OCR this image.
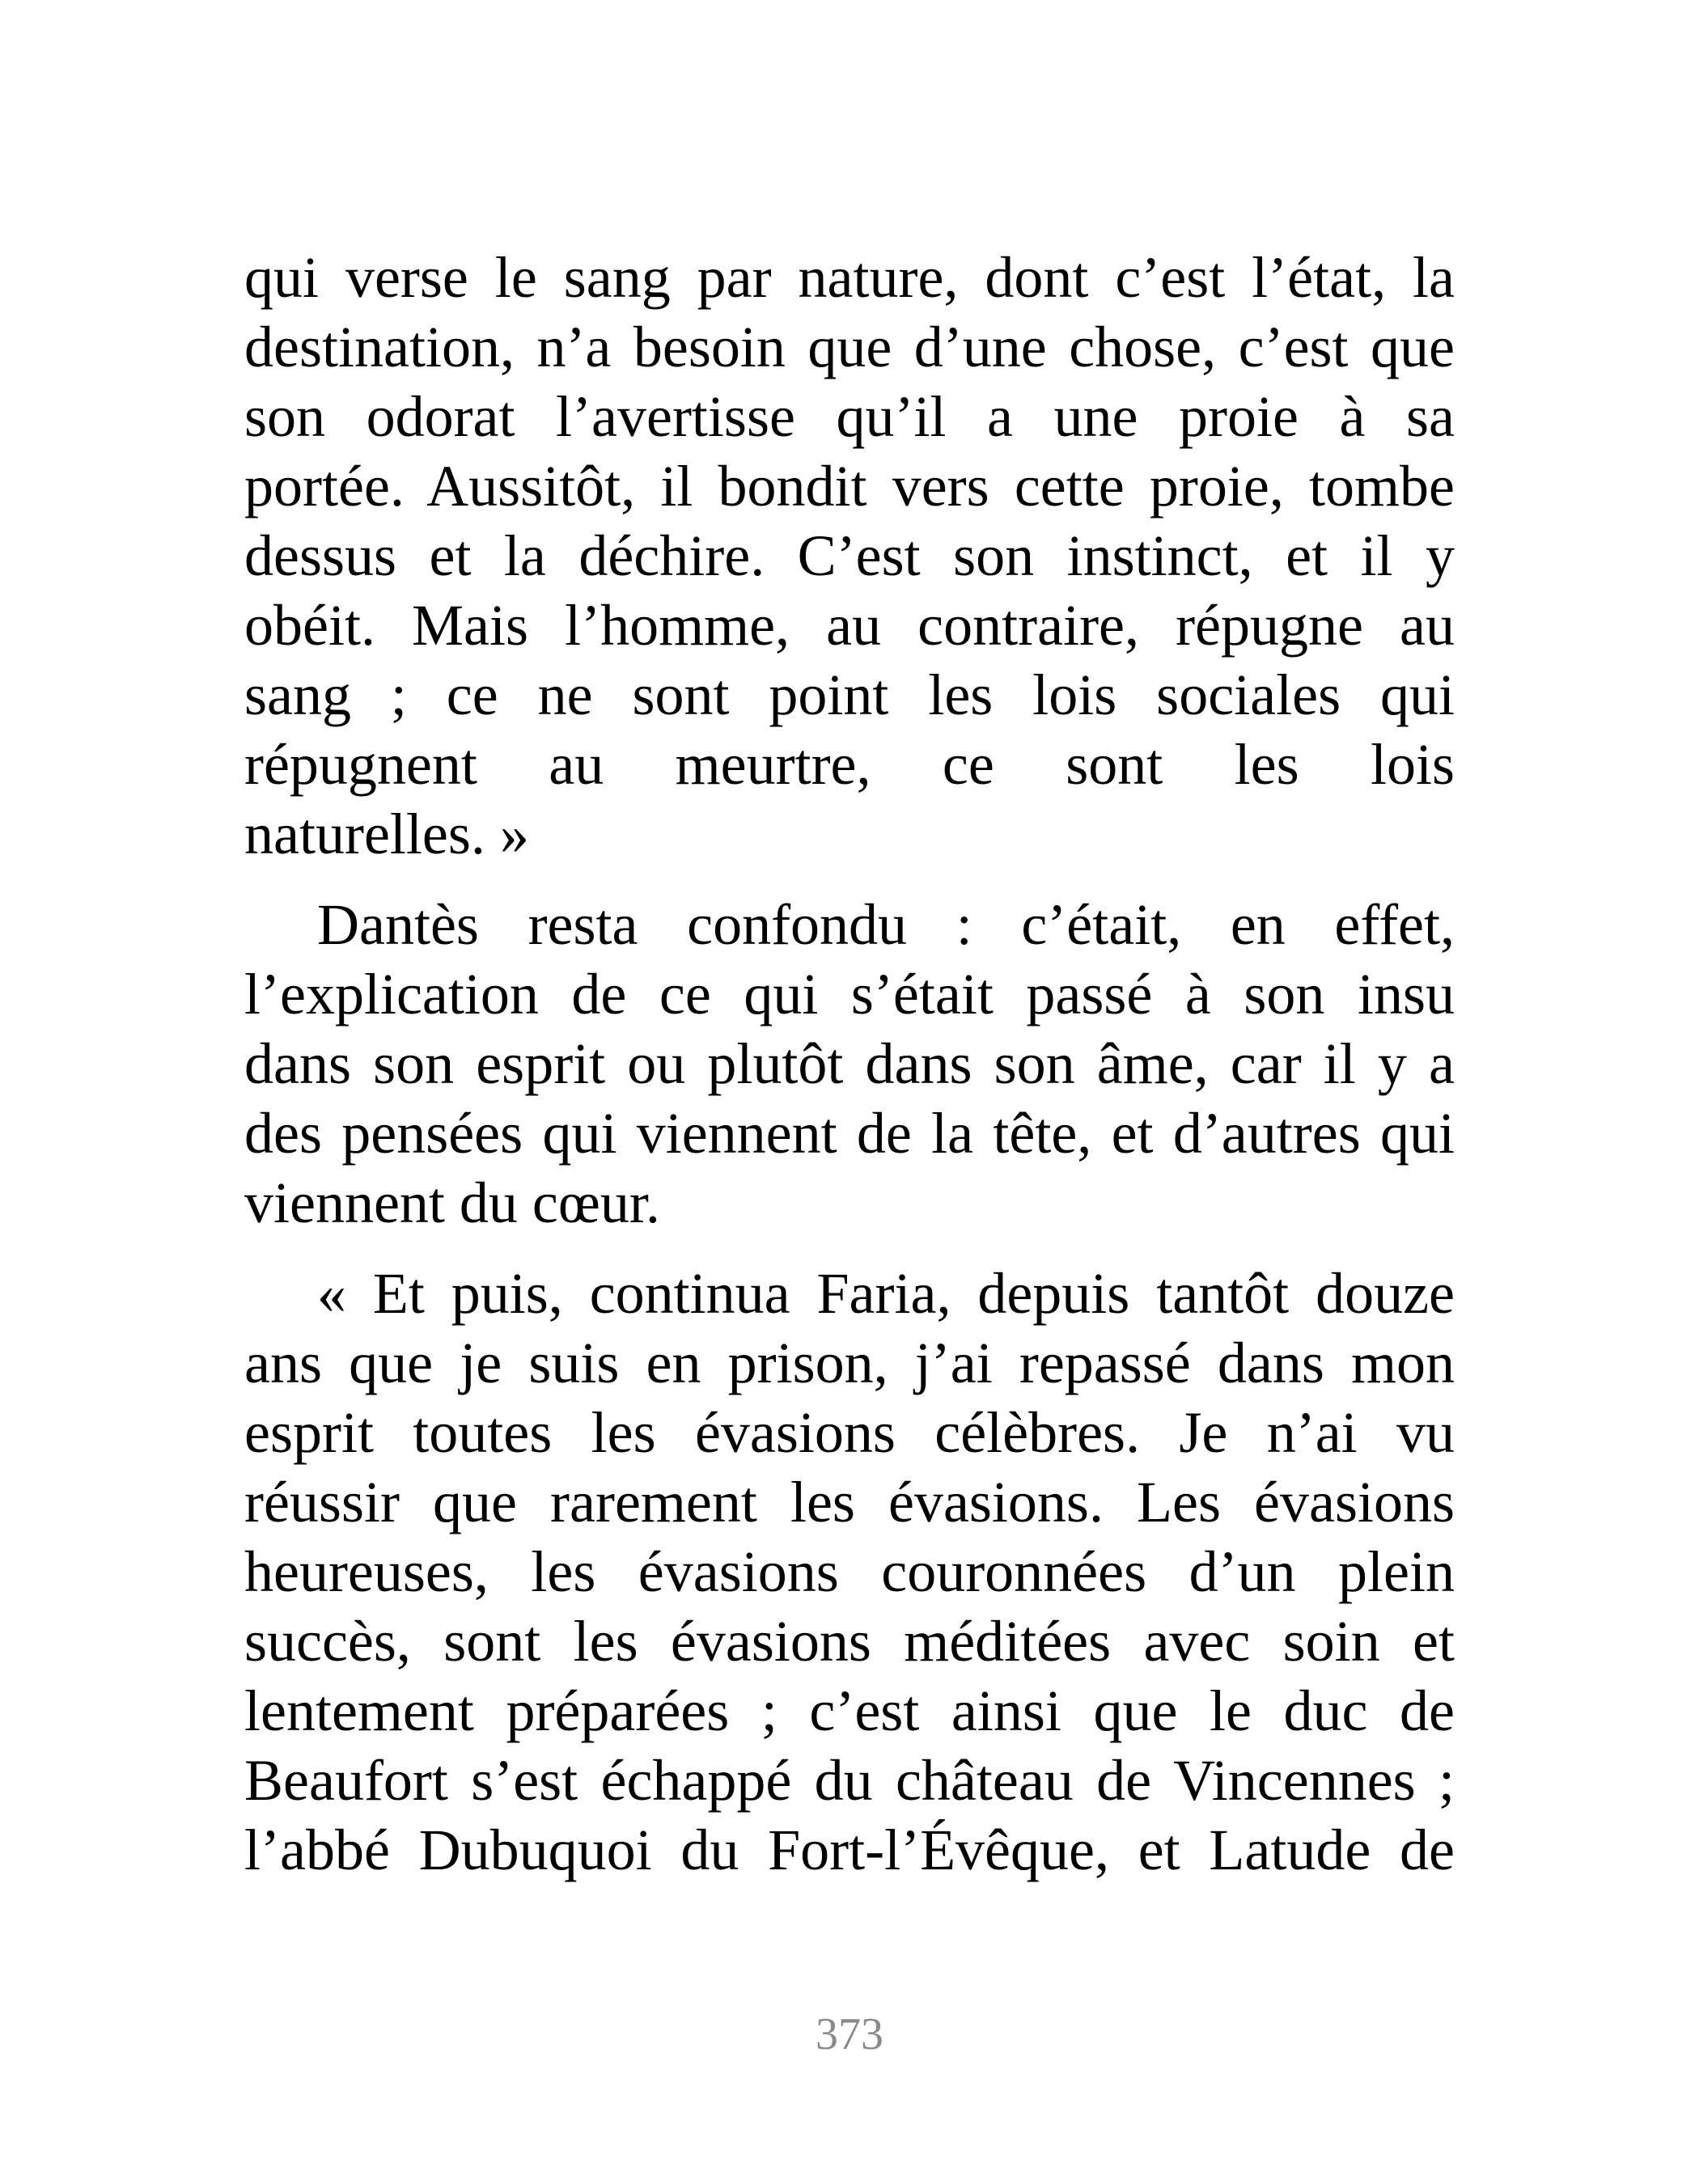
qui verse le sang par nature, dont c’est l’état, la
destination, n’a besoin que d’une chose, c’est que
son odorat l’avertisse qu’il a une proie à sa
portée. Aussitôt, il bondit vers cette proie, tombe
dessus et la déchire. C’est son instinct, et il y
obéit. Mais l’homme, au contraire, répugne au
sang ; ce ne sont point les lois sociales qui
répugnent au meurtre, ce sont les lois
naturelles. »
Dantès resta confondu : c’était, en effet,
l’explication de ce qui s’était passé à son insu
dans son esprit ou plutôt dans son âme, car il y a
des pensées qui viennent de la tête, et d’autres qui
viennent du cœur.
« Et puis, continua Faria, depuis tantôt douze
ans que je suis en prison, j’ai repassé dans mon
esprit toutes les évasions célèbres. Je n’ai vu
réussir que rarement les évasions. Les évasions
heureuses, les évasions couronnées d’un plein
succès, sont les évasions méditées avec soin et
lentement préparées ; c’est ainsi que le duc de
Beaufort s’est échappé du château de Vincennes ;
l’abbé Dubuquoi du Fort-l’Évêque, et Latude de
373
